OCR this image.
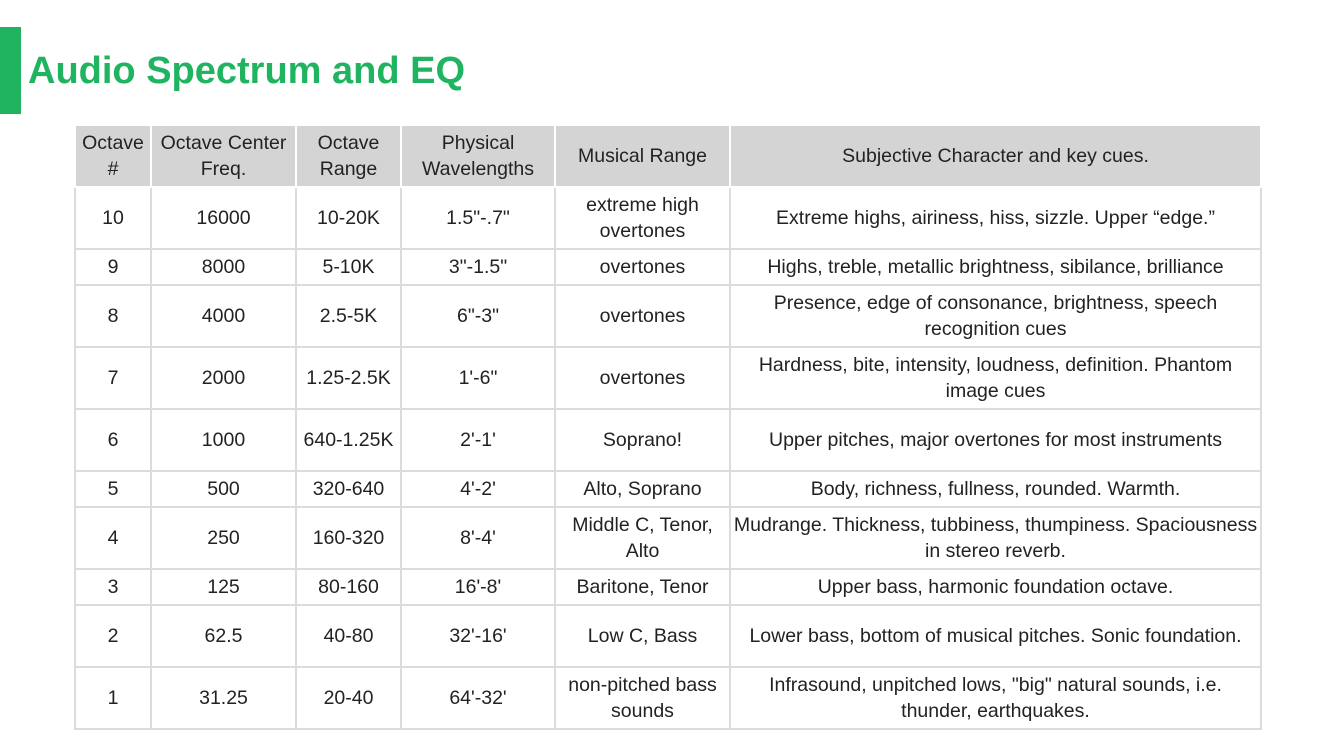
Audio Spectrum and EQ
Octave #	Octave Center Freq.	Octave Range	Physical Wavelengths	Musical Range	Subjective Character and key cues.
10	16000	10-20K	1.5"-.7"	extreme high overtones	Extreme highs, airiness, hiss, sizzle. Upper “edge.”
9	8000	5-10K	3"-1.5"	overtones	Highs, treble, metallic brightness, sibilance, brilliance
8	4000	2.5-5K	6"-3"	overtones	Presence, edge of consonance, brightness, speech recognition cues
7	2000	1.25-2.5K	1'-6"	overtones	Hardness, bite, intensity, loudness, definition. Phantom image cues
6	1000	640-1.25K	2'-1'	Soprano!	Upper pitches, major overtones for most instruments
5	500	320-640	4'-2'	Alto, Soprano	Body, richness, fullness, rounded. Warmth.
4	250	160-320	8'-4'	Middle C, Tenor, Alto	Mudrange. Thickness, tubbiness, thumpiness. Spaciousness in stereo reverb.
3	125	80-160	16'-8'	Baritone, Tenor	Upper bass, harmonic foundation octave.
2	62.5	40-80	32'-16'	Low C, Bass	Lower bass, bottom of musical pitches. Sonic foundation.
1	31.25	20-40	64'-32'	non-pitched bass sounds	Infrasound, unpitched lows, "big" natural sounds, i.e. thunder, earthquakes.
